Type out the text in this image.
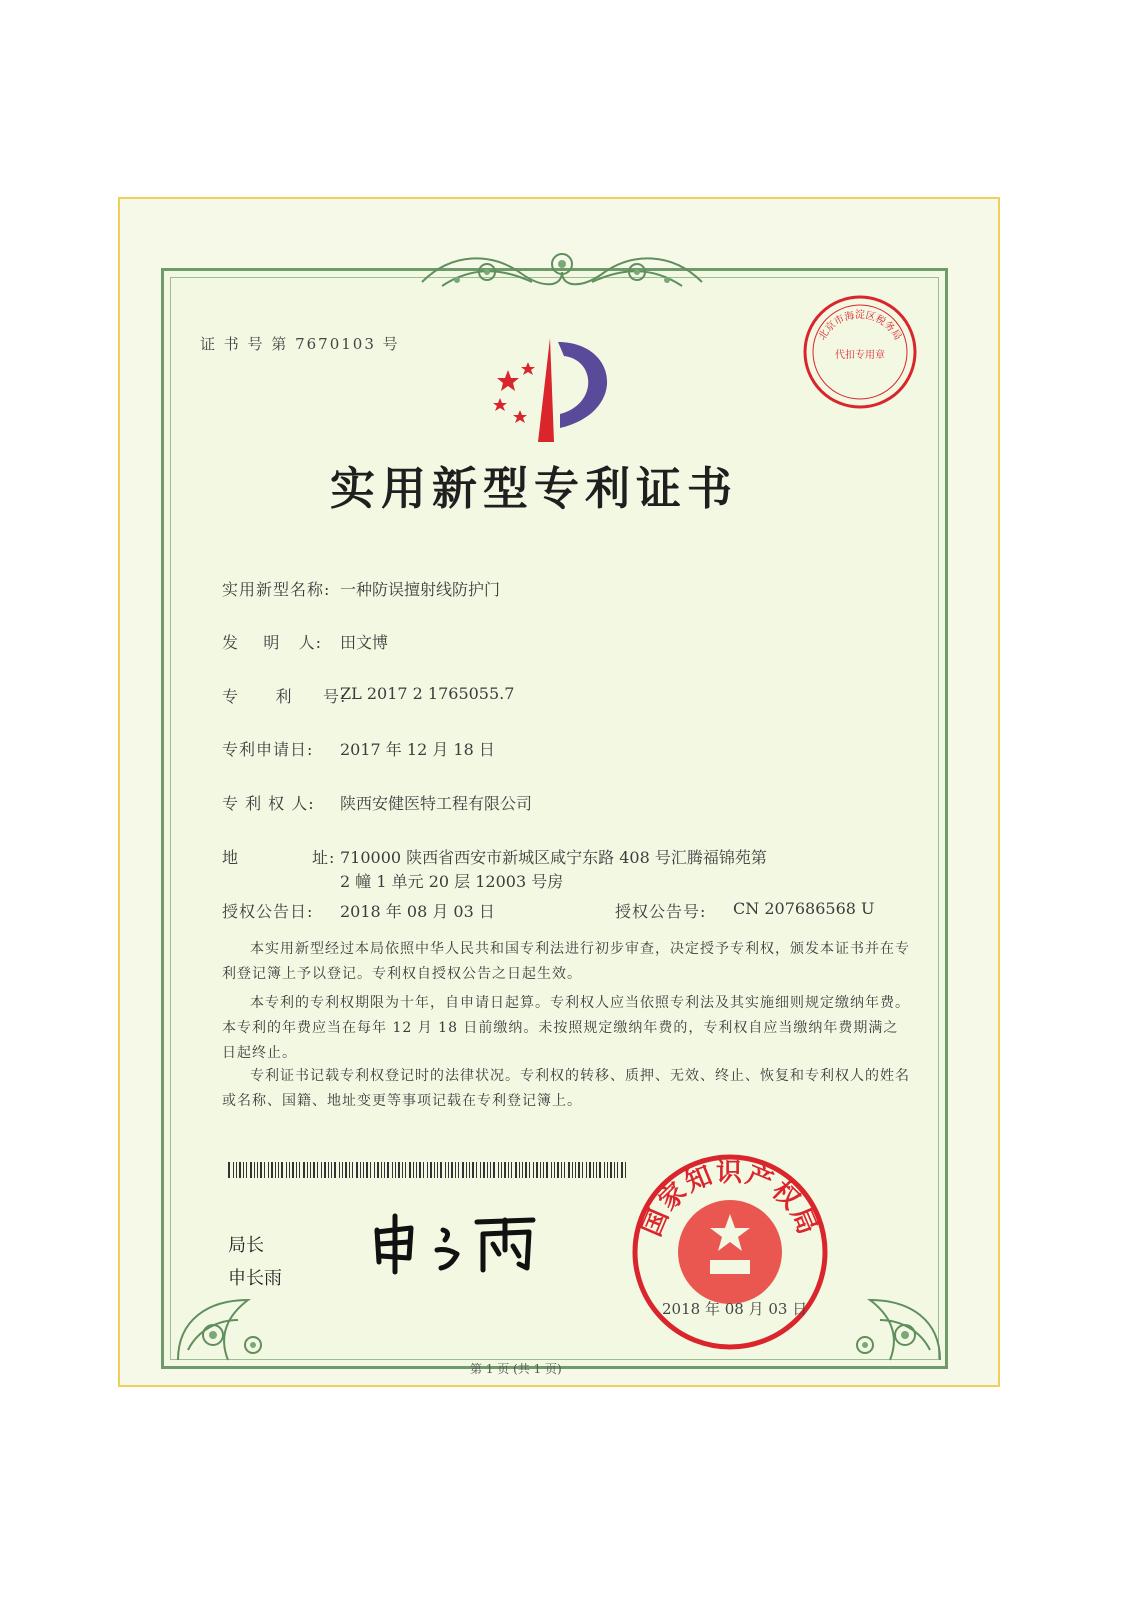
证 书 号 第 7670103 号	北京市海淀区税务局
代扣专用章
实用新型专利证书
实用新型名称: 一种防误擅射线防护门
发    明   人: 田文博
专      利     号:
ZL 2017 2 1765055.7
专利申请日: 2017 年 12 月 18 日
专 利 权 人: 陕西安健医特工程有限公司
地            址: 710000 陕西省西安市新城区咸宁东路 408 号汇腾福锦苑第
2 幢 1 单元 20 层 12003 号房
授权公告日: 2018 年 08 月 03 日	授权公告号: CN 207686568 U
本实用新型经过本局依照中华人民共和国专利法进行初步审查，决定授予专利权，颁发本证书并在专利登记簿上予以登记。专利权自授权公告之日起生效。
本专利的专利权期限为十年，自申请日起算。专利权人应当依照专利法及其实施细则规定缴纳年费。本专利的年费应当在每年 12 月 18 日前缴纳。未按照规定缴纳年费的，专利权自应当缴纳年费期满之日起终止。
专利证书记载专利权登记时的法律状况。专利权的转移、质押、无效、终止、恢复和专利权人的姓名或名称、国籍、地址变更等事项记载在专利登记簿上。
局长
申长雨
国家知识产权局
2018 年 08 月 03 日
第 1 页 (共 1 页)
